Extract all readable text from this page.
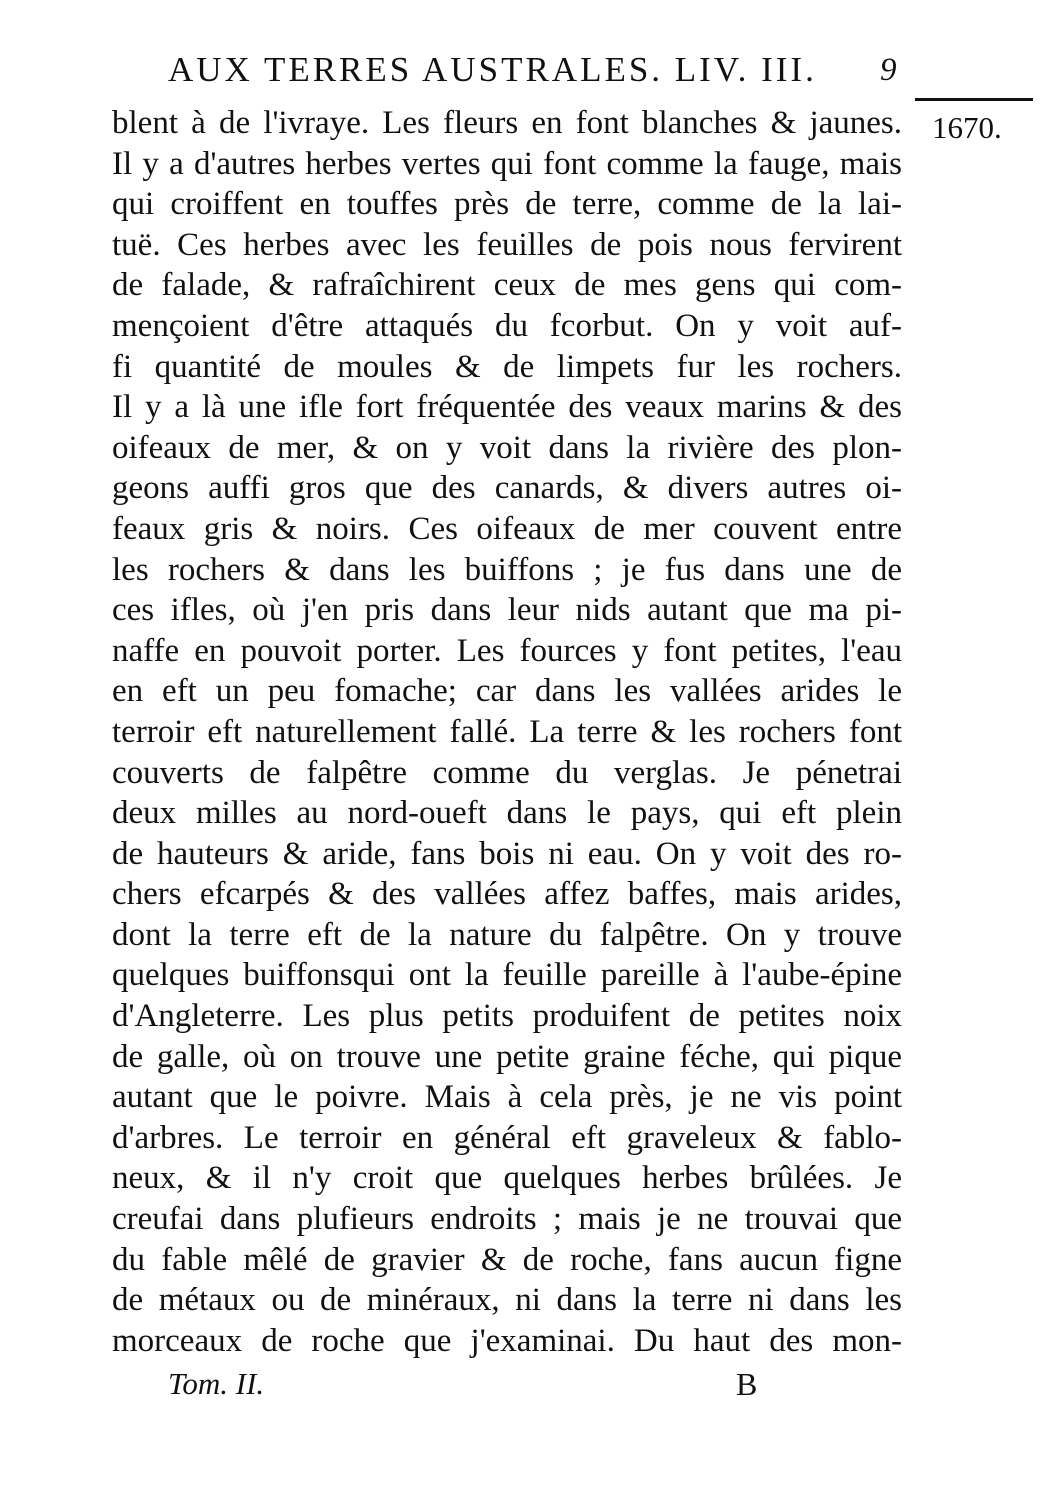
AUX TERRES AUSTRALES. LIV. III.	9
1670.
blent à de l'ivraye. Les fleurs en font blanches & jaunes.
Il y a d'autres herbes vertes qui font comme la fauge, mais
qui croiffent en touffes près de terre, comme de la lai-
tuë. Ces herbes avec les feuilles de pois nous fervirent
de falade, & rafraîchirent ceux de mes gens qui com-
mençoient d'être attaqués du fcorbut. On y voit auf-
fi quantité de moules & de limpets fur les rochers.
Il y a là une ifle fort fréquentée des veaux marins & des
oifeaux de mer, & on y voit dans la rivière des plon-
geons auffi gros que des canards, & divers autres oi-
feaux gris & noirs. Ces oifeaux de mer couvent entre
les rochers & dans les buiffons ; je fus dans une de
ces ifles, où j'en pris dans leur nids autant que ma pi-
naffe en pouvoit porter. Les fources y font petites, l'eau
en eft un peu fomache; car dans les vallées arides le
terroir eft naturellement fallé. La terre & les rochers font
couverts de falpêtre comme du verglas. Je pénetrai
deux milles au nord-oueft dans le pays, qui eft plein
de hauteurs & aride, fans bois ni eau. On y voit des ro-
chers efcarpés & des vallées affez baffes, mais arides,
dont la terre eft de la nature du falpêtre. On y trouve
quelques buiffonsqui ont la feuille pareille à l'aube-épine
d'Angleterre. Les plus petits produifent de petites noix
de galle, où on trouve une petite graine féche, qui pique
autant que le poivre. Mais à cela près, je ne vis point
d'arbres. Le terroir en général eft graveleux & fablo-
neux, & il n'y croit que quelques herbes brûlées. Je
creufai dans plufieurs endroits ; mais je ne trouvai que
du fable mêlé de gravier & de roche, fans aucun figne
de métaux ou de minéraux, ni dans la terre ni dans les
morceaux de roche que j'examinai. Du haut des mon-
Tom. II.	B
